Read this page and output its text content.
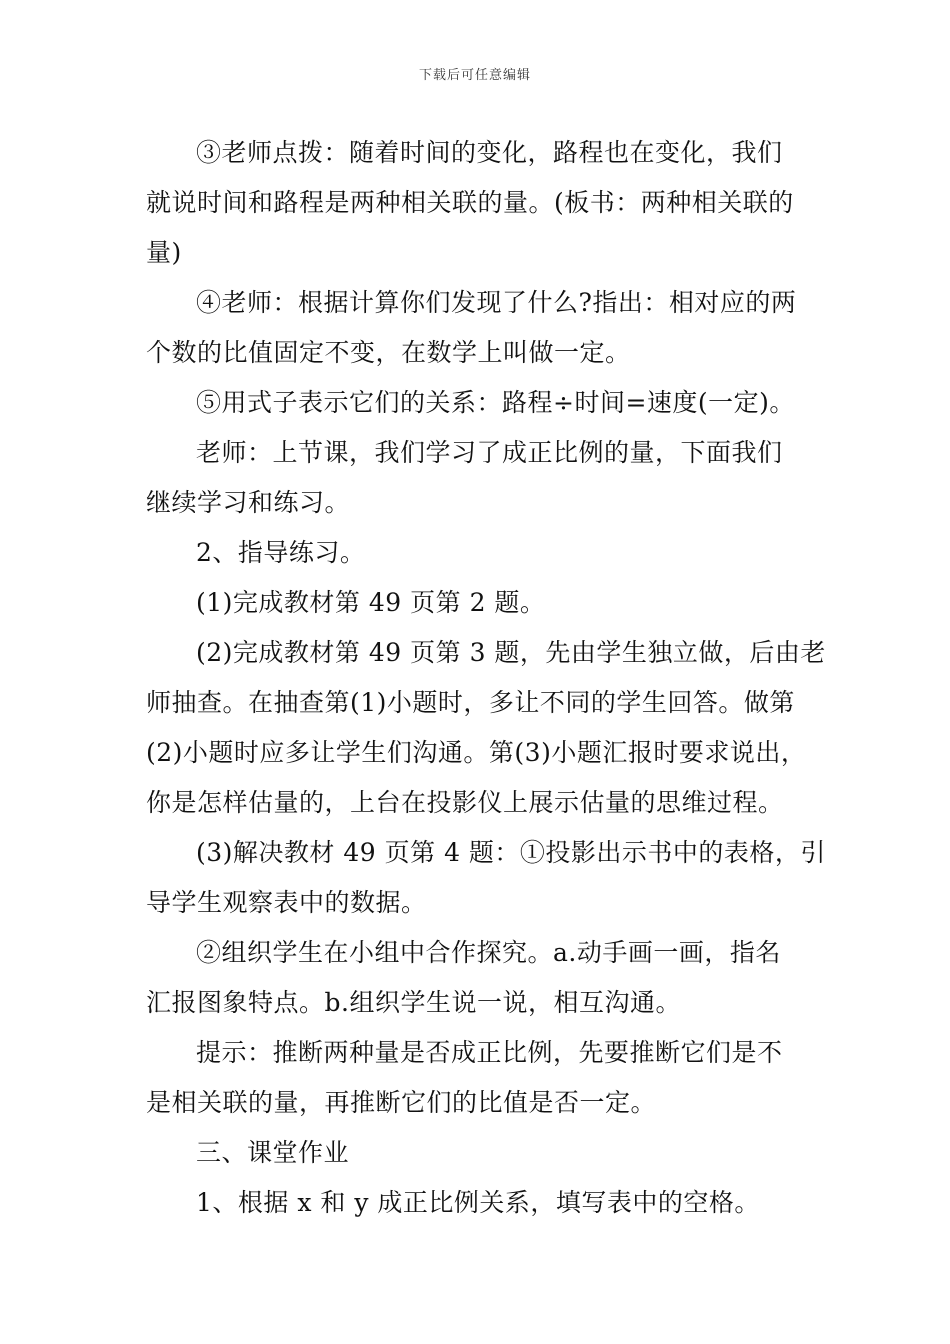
下载后可任意编辑

③老师点拨：随着时间的变化，路程也在变化，我们
就说时间和路程是两种相关联的量。(板书：两种相关联的
量)

④老师：根据计算你们发现了什么?指出：相对应的两
个数的比值固定不变，在数学上叫做一定。

⑤用式子表示它们的关系：路程÷时间=速度(一定)。

老师：上节课，我们学习了成正比例的量，下面我们
继续学习和练习。

2、指导练习。

(1)完成教材第 49 页第 2 题。

(2)完成教材第 49 页第 3 题，先由学生独立做，后由老
师抽查。在抽查第(1)小题时，多让不同的学生回答。做第
(2)小题时应多让学生们沟通。第(3)小题汇报时要求说出，
你是怎样估量的，上台在投影仪上展示估量的思维过程。

(3)解决教材 49 页第 4 题：①投影出示书中的表格，引
导学生观察表中的数据。

②组织学生在小组中合作探究。a.动手画一画，指名
汇报图象特点。b.组织学生说一说，相互沟通。

提示：推断两种量是否成正比例，先要推断它们是不
是相关联的量，再推断它们的比值是否一定。

三、课堂作业

1、根据 x 和 y 成正比例关系，填写表中的空格。
